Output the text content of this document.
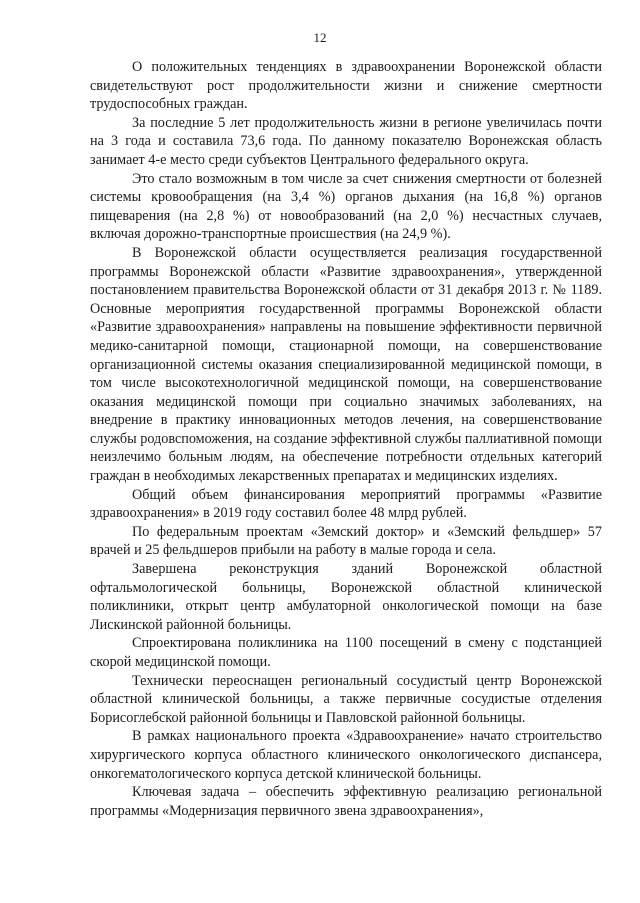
12

О положительных тенденциях в здравоохранении Воронежской области свидетельствуют рост продолжительности жизни и снижение смертности трудоспособных граждан.

За последние 5 лет продолжительность жизни в регионе увеличилась почти на 3 года и составила 73,6 года. По данному показателю Воронежская область занимает 4-е место среди субъектов Центрального федерального округа.

Это стало возможным в том числе за счет снижения смертности от болезней системы кровообращения (на 3,4 %) органов дыхания (на 16,8 %) органов пищеварения (на 2,8 %) от новообразований (на 2,0 %) несчастных случаев, включая дорожно-транспортные происшествия (на 24,9 %).

В Воронежской области осуществляется реализация государственной программы Воронежской области «Развитие здравоохранения», утвержденной постановлением правительства Воронежской области от 31 декабря 2013 г. № 1189. Основные мероприятия государственной программы Воронежской области «Развитие здравоохранения» направлены на повышение эффективности первичной медико-санитарной помощи, стационарной помощи, на совершенствование организационной системы оказания специализированной медицинской помощи, в том числе высокотехнологичной медицинской помощи, на совершенствование оказания медицинской помощи при социально значимых заболеваниях, на внедрение в практику инновационных методов лечения, на совершенствование службы родовспоможения, на создание эффективной службы паллиативной помощи неизлечимо больным людям, на обеспечение потребности отдельных категорий граждан в необходимых лекарственных препаратах и медицинских изделиях.

Общий объем финансирования мероприятий программы «Развитие здравоохранения» в 2019 году составил более 48 млрд рублей.

По федеральным проектам «Земский доктор» и «Земский фельдшер» 57 врачей и 25 фельдшеров прибыли на работу в малые города и села.

Завершена реконструкция зданий Воронежской областной офтальмологической больницы, Воронежской областной клинической поликлиники, открыт центр амбулаторной онкологической помощи на базе Лискинской районной больницы.

Спроектирована поликлиника на 1100 посещений в смену с подстанцией скорой медицинской помощи.

Технически переоснащен региональный сосудистый центр Воронежской областной клинической больницы, а также первичные сосудистые отделения Борисоглебской районной больницы и Павловской районной больницы.

В рамках национального проекта «Здравоохранение» начато строительство хирургического корпуса областного клинического онкологического диспансера, онкогематологического корпуса детской клинической больницы.

Ключевая задача – обеспечить эффективную реализацию региональной программы «Модернизация первичного звена здравоохранения»,
